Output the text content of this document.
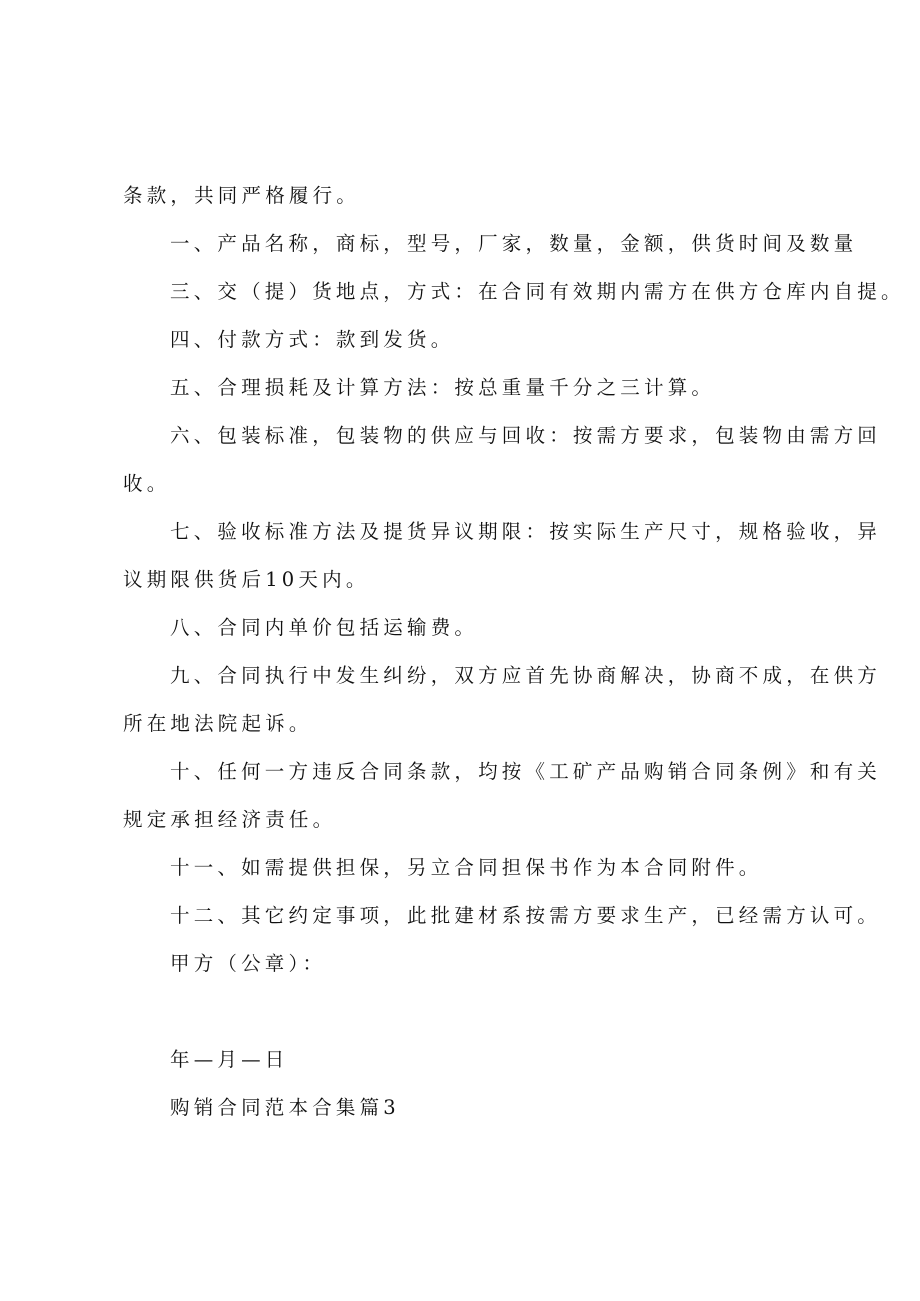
条款，共同严格履行。

一、产品名称，商标，型号，厂家，数量，金额，供货时间及数量

三、交（提）货地点，方式：在合同有效期内需方在供方仓库内自提。

四、付款方式：款到发货。

五、合理损耗及计算方法：按总重量千分之三计算。

六、包装标准，包装物的供应与回收：按需方要求，包装物由需方回
收。

七、验收标准方法及提货异议期限：按实际生产尺寸，规格验收，异
议期限供货后10天内。

八、合同内单价包括运输费。

九、合同执行中发生纠纷，双方应首先协商解决，协商不成，在供方
所在地法院起诉。

十、任何一方违反合同条款，均按《工矿产品购销合同条例》和有关
规定承担经济责任。

十一、如需提供担保，另立合同担保书作为本合同附件。

十二、其它约定事项，此批建材系按需方要求生产，已经需方认可。

甲方（公章）：

年—月—日

购销合同范本合集篇3
